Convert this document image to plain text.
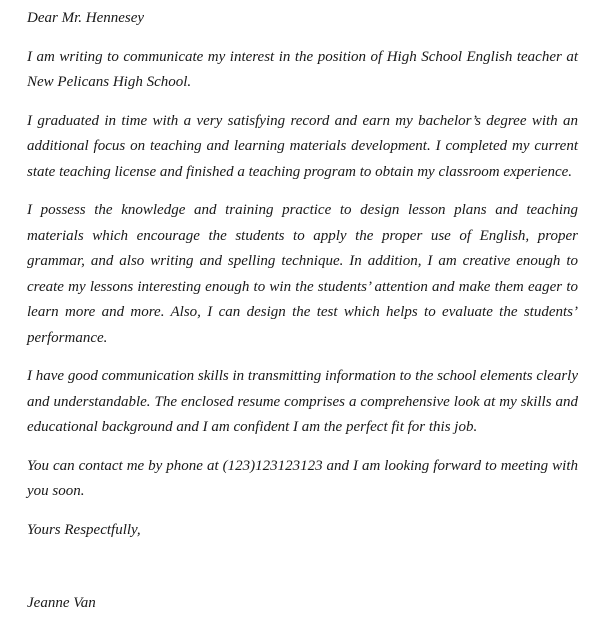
Dear Mr. Hennesey

I am writing to communicate my interest in the position of High School English teacher at New Pelicans High School.

I graduated in time with a very satisfying record and earn my bachelor’s degree with an additional focus on teaching and learning materials development. I completed my current state teaching license and finished a teaching program to obtain my classroom experience.

I possess the knowledge and training practice to design lesson plans and teaching materials which encourage the students to apply the proper use of English, proper grammar, and also writing and spelling technique. In addition, I am creative enough to create my lessons interesting enough to win the students’ attention and make them eager to learn more and more. Also, I can design the test which helps to evaluate the students’ performance.

I have good communication skills in transmitting information to the school elements clearly and understandable. The enclosed resume comprises a comprehensive look at my skills and educational background and I am confident I am the perfect fit for this job.

You can contact me by phone at (123)123123123 and I am looking forward to meeting with you soon.

Yours Respectfully,

Jeanne Van
